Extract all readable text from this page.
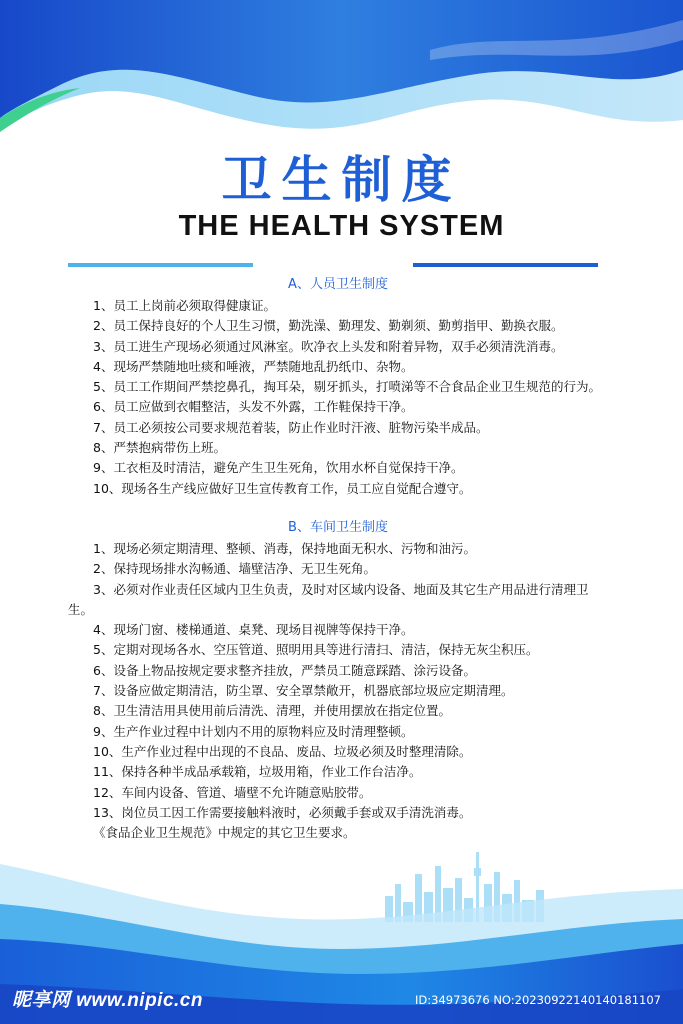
卫生制度
THE HEALTH SYSTEM

A、人员卫生制度

1、员工上岗前必须取得健康证。

2、员工保持良好的个人卫生习惯，勤洗澡、勤理发、勤剃须、勤剪指甲、勤换衣服。

3、员工进生产现场必须通过风淋室。吹净衣上头发和附着异物，双手必须清洗消毒。

4、现场严禁随地吐痰和唾液，严禁随地乱扔纸巾、杂物。

5、员工工作期间严禁挖鼻孔，掏耳朵，剔牙抓头，打喷涕等不合食品企业卫生规范的行为。

6、员工应做到衣帽整洁，头发不外露，工作鞋保持干净。

7、员工必须按公司要求规范着装，防止作业时汗液、脏物污染半成品。

8、严禁抱病带伤上班。

9、工衣柜及时清洁，避免产生卫生死角，饮用水杯自觉保持干净。

10、现场各生产线应做好卫生宣传教育工作，员工应自觉配合遵守。

B、车间卫生制度

1、现场必须定期清理、整顿、消毒，保持地面无积水、污物和油污。

2、保持现场排水沟畅通、墙壁洁净、无卫生死角。

3、必须对作业责任区域内卫生负责，及时对区域内设备、地面及其它生产用品进行清理卫生。

4、现场门窗、楼梯通道、桌凳、现场目视牌等保持干净。

5、定期对现场各水、空压管道、照明用具等进行清扫、清洁，保持无灰尘积压。

6、设备上物品按规定要求整齐挂放，严禁员工随意踩踏、涂污设备。

7、设备应做定期清洁，防尘罩、安全罩禁敞开，机器底部垃圾应定期清理。

8、卫生清洁用具使用前后清洗、清理，并使用摆放在指定位置。

9、生产作业过程中计划内不用的原物料应及时清理整顿。

10、生产作业过程中出现的不良品、废品、垃圾必须及时整理清除。

11、保持各种半成品承载箱，垃圾用箱，作业工作台洁净。

12、车间内设备、管道、墙壁不允许随意贴胶带。

13、岗位员工因工作需要接触料液时，必须戴手套或双手清洗消毒。

《食品企业卫生规范》中规定的其它卫生要求。

昵享网 www.nipic.cn	ID:34973676 NO:20230922140140181107
